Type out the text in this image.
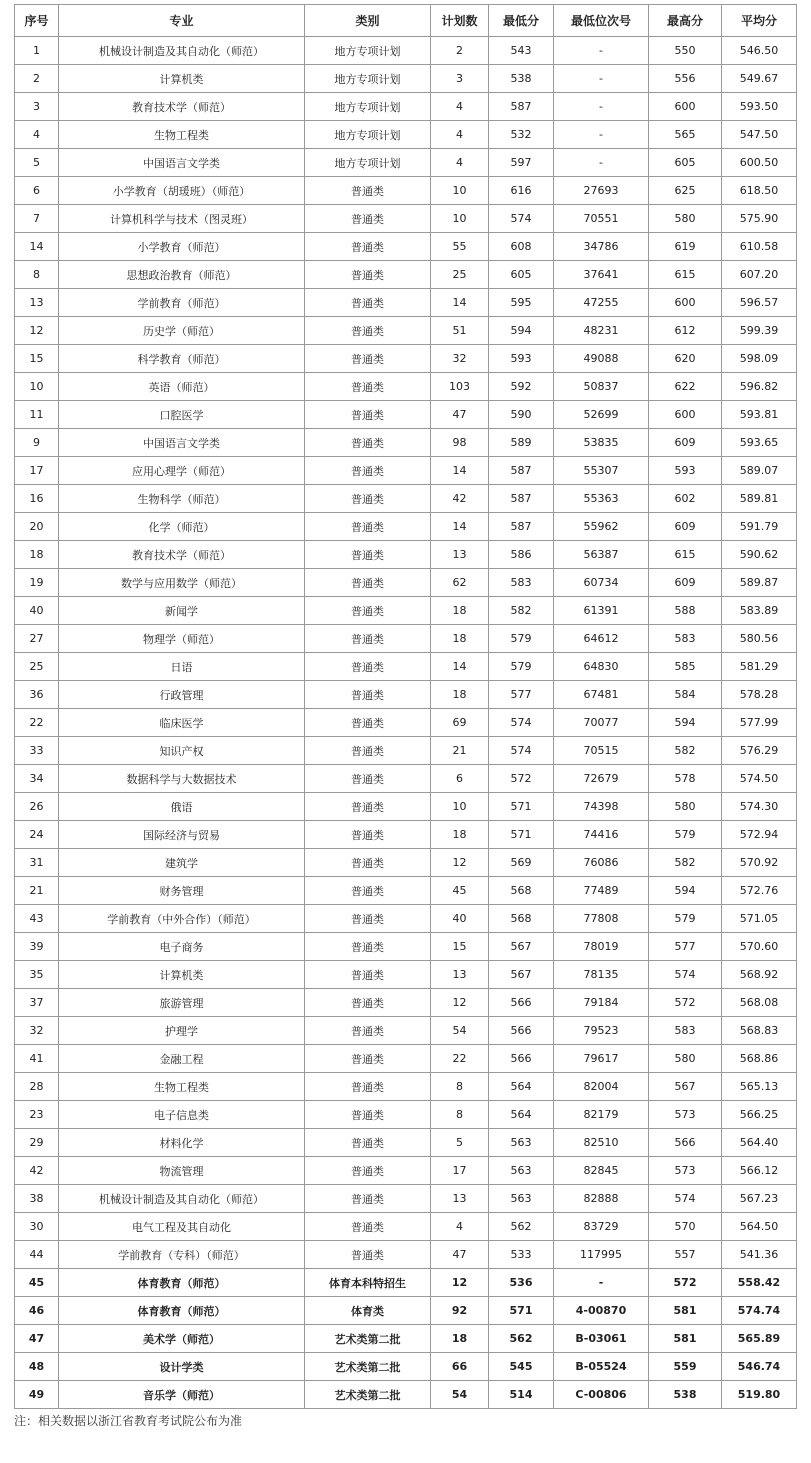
序号	专业	类别	计划数	最低分	最低位次号	最高分	平均分
1	机械设计制造及其自动化（师范）	地方专项计划	2	543	-	550	546.50
2	计算机类	地方专项计划	3	538	-	556	549.67
3	教育技术学（师范）	地方专项计划	4	587	-	600	593.50
4	生物工程类	地方专项计划	4	532	-	565	547.50
5	中国语言文学类	地方专项计划	4	597	-	605	600.50
6	小学教育（胡瑗班）（师范）	普通类	10	616	27693	625	618.50
7	计算机科学与技术（图灵班）	普通类	10	574	70551	580	575.90
14	小学教育（师范）	普通类	55	608	34786	619	610.58
8	思想政治教育（师范）	普通类	25	605	37641	615	607.20
13	学前教育（师范）	普通类	14	595	47255	600	596.57
12	历史学（师范）	普通类	51	594	48231	612	599.39
15	科学教育（师范）	普通类	32	593	49088	620	598.09
10	英语（师范）	普通类	103	592	50837	622	596.82
11	口腔医学	普通类	47	590	52699	600	593.81
9	中国语言文学类	普通类	98	589	53835	609	593.65
17	应用心理学（师范）	普通类	14	587	55307	593	589.07
16	生物科学（师范）	普通类	42	587	55363	602	589.81
20	化学（师范）	普通类	14	587	55962	609	591.79
18	教育技术学（师范）	普通类	13	586	56387	615	590.62
19	数学与应用数学（师范）	普通类	62	583	60734	609	589.87
40	新闻学	普通类	18	582	61391	588	583.89
27	物理学（师范）	普通类	18	579	64612	583	580.56
25	日语	普通类	14	579	64830	585	581.29
36	行政管理	普通类	18	577	67481	584	578.28
22	临床医学	普通类	69	574	70077	594	577.99
33	知识产权	普通类	21	574	70515	582	576.29
34	数据科学与大数据技术	普通类	6	572	72679	578	574.50
26	俄语	普通类	10	571	74398	580	574.30
24	国际经济与贸易	普通类	18	571	74416	579	572.94
31	建筑学	普通类	12	569	76086	582	570.92
21	财务管理	普通类	45	568	77489	594	572.76
43	学前教育（中外合作）（师范）	普通类	40	568	77808	579	571.05
39	电子商务	普通类	15	567	78019	577	570.60
35	计算机类	普通类	13	567	78135	574	568.92
37	旅游管理	普通类	12	566	79184	572	568.08
32	护理学	普通类	54	566	79523	583	568.83
41	金融工程	普通类	22	566	79617	580	568.86
28	生物工程类	普通类	8	564	82004	567	565.13
23	电子信息类	普通类	8	564	82179	573	566.25
29	材料化学	普通类	5	563	82510	566	564.40
42	物流管理	普通类	17	563	82845	573	566.12
38	机械设计制造及其自动化（师范）	普通类	13	563	82888	574	567.23
30	电气工程及其自动化	普通类	4	562	83729	570	564.50
44	学前教育（专科）（师范）	普通类	47	533	117995	557	541.36
45	体育教育（师范）	体育本科特招生	12	536	-	572	558.42
46	体育教育（师范）	体育类	92	571	4-00870	581	574.74
47	美术学（师范）	艺术类第二批	18	562	B-03061	581	565.89
48	设计学类	艺术类第二批	66	545	B-05524	559	546.74
49	音乐学（师范）	艺术类第二批	54	514	C-00806	538	519.80
注：相关数据以浙江省教育考试院公布为准
